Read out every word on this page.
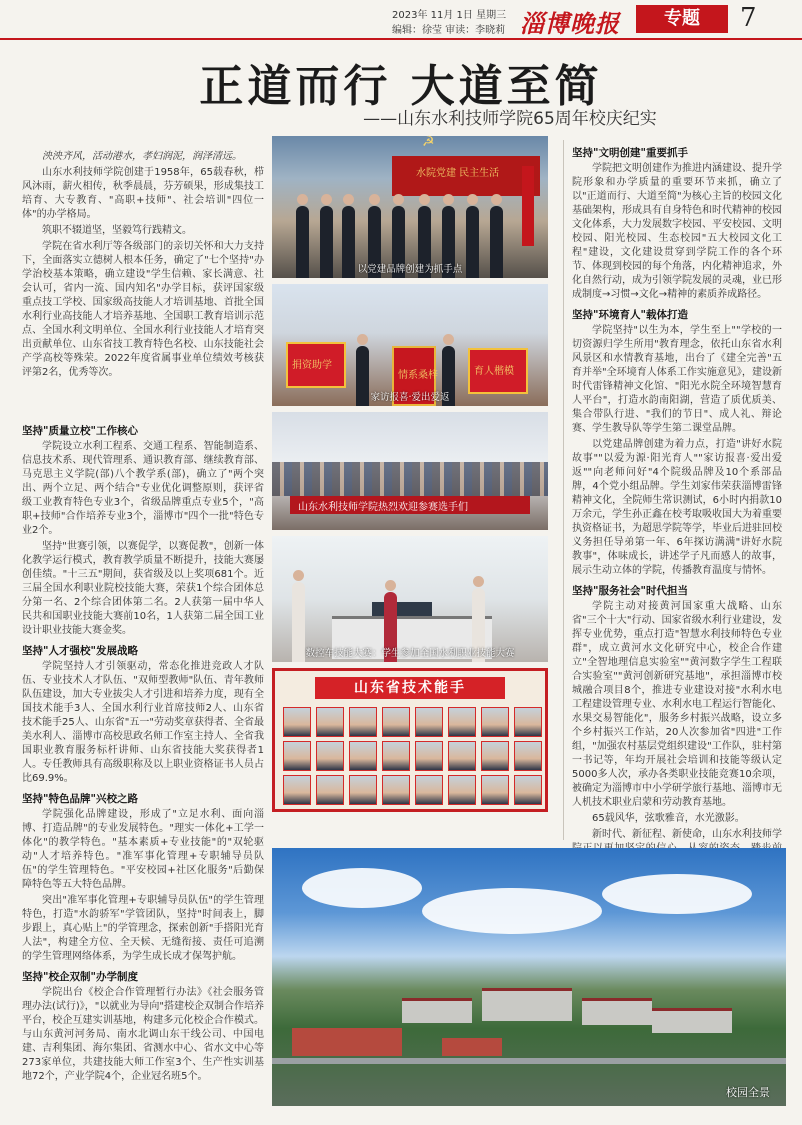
2023年 11月 1日 星期三
编辑：徐莹 审读：李晓莉 淄博晚报	专题	7
正道而行 大道至简
——山东水利技师学院65周年校庆纪实

泱泱齐风，活动港水，孝妇润泥，润泽清远。

山东水利技师学院创建于1958年，65载春秋，栉风沐雨，薪火相传，秋季晨晨，芬芳硕果，形成集技工培育、大专教育、"高职+技师"、社会培训"四位一体"的办学格局。

筑职不辍道坚，坚毅笃行践精文。

学院在省水利厅等各级部门的亲切关怀和大力支持下，全面落实立德树人根本任务，确定了"七个坚持"办学治校基本策略，确立建设"学生信赖、家长满意、社会认可，省内一流、国内知名"办学目标，获评国家级重点技工学校、国家级高技能人才培训基地、首批全国水利行业高技能人才培养基地、全国职工教育培训示范点、全国水利文明单位、全国水利行业技能人才培育突出贡献单位、山东省技工教育特色名校、山东技能社会产学高校等殊荣。2022年度省属事业单位绩效考核获评第2名，优秀等次。

坚持"质量立校"工作核心

学院设立水利工程系、交通工程系、智能制造系、信息技术系、现代管理系、通识教育部、继续教育部、马克思主义学院(部)八个教学系(部)，确立了"两个突出、两个立足、两个结合"专业优化调整原则，获评省级工业教育特色专业3个，省级品牌重点专业5个，"高职+技师"合作培养专业3个，淄博市"四个一批"特色专业2个。

坚持"世赛引领，以赛促学，以赛促教"，创新一体化教学运行模式，教育教学质量不断提升，技能大赛屡创佳绩。"十三五"期间，获省级及以上奖项681个。近三届全国水利职业院校技能大赛，荣获1个综合团体总分第一名、2个综合团体第二名。2人获第一届中华人民共和国职业技能大赛前10名，1人获第二届全国工业设计职业技能大赛金奖。

坚持"人才强校"发展战略

学院坚持人才引领驱动，常态化推进竞政人才队伍、专业技术人才队伍、"双师型教师"队伍、青年教师队伍建设，加大专业拔尖人才引进和培养力度，现有全国技术能手3人、全国水利行业首席技师2人、山东省技术能手25人、山东省"五一"劳动奖章获得者、全省最美水利人、淄博市高校思政名师工作室主持人、全省我国职业教育服务标杆讲师、山东省技能大奖获得者1人。专任教师具有高级职称及以上职业资格证书人员占比69.9%。

坚持"特色品牌"兴校之路

学院强化品牌建设，形成了"立足水利、面向淄博、打造品牌"的专业发展特色。"理实一体化+工学一体化"的教学特色。"基本素质+专业技能"的"双轮驱动"人才培养特色。"准军事化管理+专职辅导员队伍"的学生管理特色。"平安校园+社区化服务"后勤保障特色等五大特色品牌。

突出"准军事化管理+专职辅导员队伍"的学生管理特色，打造"水韵骄军"学管团队，坚持"时间表上，脚步跟上，真心贴上"的学管理念，探索创新"手搭阳光育人法"，构建全方位、全天候、无缝衔接、责任可追溯的学生管理网络体系，为学生成长成才保驾护航。

坚持"校企双制"办学制度

学院出台《校企合作管理暂行办法》《社会服务管理办法(试行)》，"以就业为导向"搭建校企双制合作培养平台，校企互建实训基地，构建多元化校企合作模式。与山东黄河河务局、南水北调山东干线公司、中国电建、吉利集团、海尔集团、省测水中心、省水文中心等273家单位，共建技能大师工作室3个、生产性实训基地72个，产业学院4个，企业冠名班5个。

水院党建 民主生活
☭
以党建品牌创建为抓手点
捐资助学
情系桑梓	育人楷模
家访报喜·爱出爱返
山东水利技师学院热烈欢迎参赛选手们
数控车技能大赛：学生参加全国水利职业技能大赛
山东省技术能手
坚持"文明创建"重要抓手

学院把文明创建作为推进内涵建设、提升学院形象和办学质量的重要环节来抓，确立了以"正道而行、大道至简"为核心主旨的校园文化基础架构，形成具有自身特色和时代精神的校园文化体系，大力发展数字校园、平安校园、文明校园、阳光校园、生态校园"五大校园文化工程"建设，文化建设贯穿到学院工作的各个环节、体现到校园的每个角落，内化精神追求，外化自然行动，成为引领学院发展的灵魂，业已形成制度→习惯→文化→精神的素质养成路径。

坚持"环境育人"载体打造

学院坚持"以生为本，学生至上""学校的一切资源归学生所用"教育理念，依托山东省水利风景区和水情教育基地，出台了《建全完善"五育并举"全环境育人体系工作实施意见》，建设新时代雷锋精神文化馆、"阳光水院全环境智慧育人平台"，打造水韵南阳湖，营造了质优质美、集合带队行进、"我们的节日"、成人礼、辩论赛、学生教导队等学生第二课堂品牌。

以党建品牌创建为着力点，打造"讲好水院故事""以爱为源·阳光育人""家访报喜·爱出爱返""向老师问好"4个院级品牌及10个系部品牌，4个党小组品牌。学生刘家伟荣获淄博雷锋精神文化，全院师生常识测试，6小时内捐款10万余元，学生孙正鑫在校考取吸收国大为着重要执资格证书，为超思学院等学，毕业后进驻回校义务担任导弟第一年、6年探访满满"讲好水院教事"，体味成长，讲述学子凡而感人的故事，展示生动立体的学院，传播教育温度与情怀。

坚持"服务社会"时代担当

学院主动对接黄河国家重大战略、山东省"三个十大"行动、国家省级水利行业建设，发挥专业优势，重点打造"智慧水利技师特色专业群"，成立黄河水文化研究中心，校企合作建立"全智地理信息实验室""黄河数字学生工程联合实验室""黄河创新研究基地"，承担淄博市校城融合项目8个，推进专业建设对接"水利水电工程建设管理专业、水利水电工程运行智能化、水果交易智能化"，服务乡村振兴战略，设立多个乡村振兴工作站，20人次参加省"四进"工作组，"加强农村基层党组织建设"工作队，驻村第一书记等，年均开展社会培训和技能等级认定5000多人次，承办各类职业技能竞赛10余项，被确定为淄博市中小学研学旅行基地、淄博市无人机技术职业启蒙和劳动教育基地。

65载风华，弦歌雅音，水光激影。

新时代、新征程、新使命，山东水利技师学

校园全景
